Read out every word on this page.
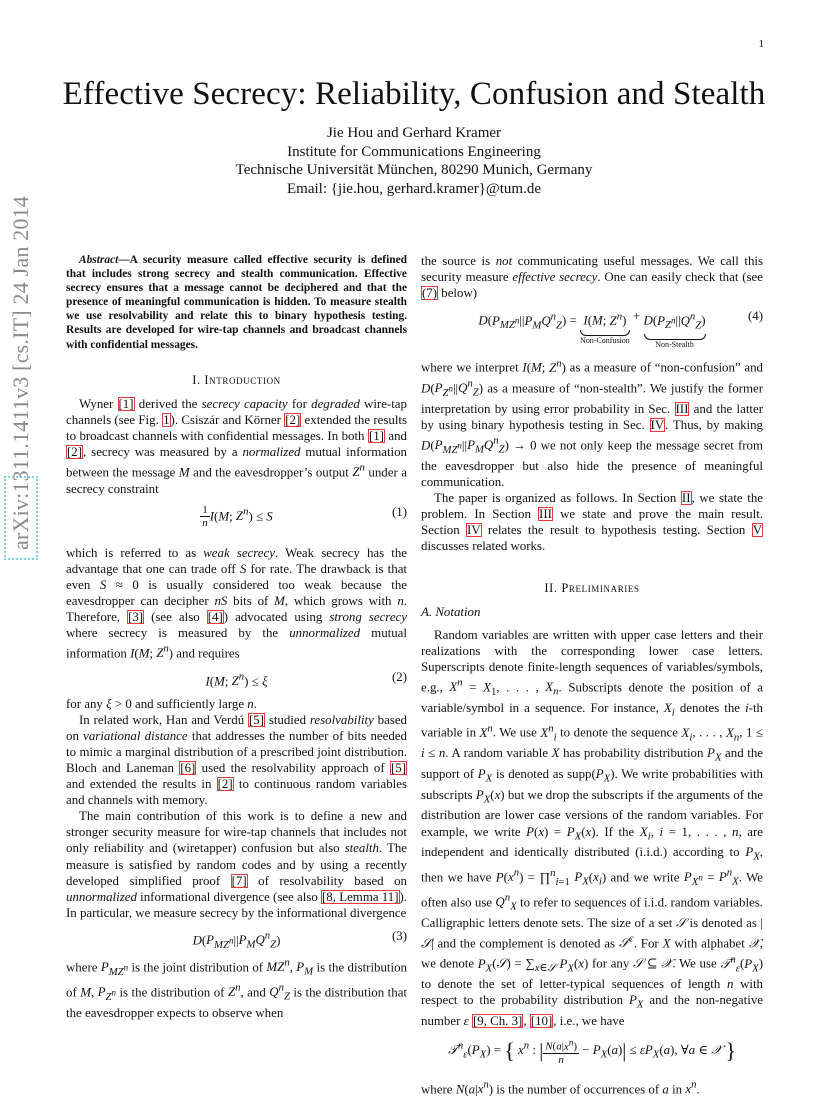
1
arXiv:1311.1411v3 [cs.IT] 24 Jan 2014
Effective Secrecy: Reliability, Confusion and Stealth
Jie Hou and Gerhard Kramer
Institute for Communications Engineering
Technische Universität München, 80290 Munich, Germany
Email: {jie.hou, gerhard.kramer}@tum.de

Abstract—A security measure called effective security is defined that includes strong secrecy and stealth communication. Effective secrecy ensures that a message cannot be deciphered and that the presence of meaningful communication is hidden. To measure stealth we use resolvability and relate this to binary hypothesis testing. Results are developed for wire-tap channels and broadcast channels with confidential messages.

I. Introduction

Wyner [1] derived the secrecy capacity for degraded wire-tap channels (see Fig. 1). Csiszár and Körner [2] extended the results to broadcast channels with confidential messages. In both [1] and [2], secrecy was measured by a normalized mutual information between the message M and the eavesdropper’s output $Z^n$ under a secrecy constraint

$\frac{1}{n}I(M$; $Z^n) \le S$	(1)

which is referred to as weak secrecy. Weak secrecy has the advantage that one can trade off S for rate. The drawback is that even S ≈ 0 is usually considered too weak because the eavesdropper can decipher nS bits of M, which grows with n. Therefore, [3] (see also [4]) advocated using strong secrecy where secrecy is measured by the unnormalized mutual information I(M; $Z^n$) and requires

I(M; $Z^n) \le \xi$	(2)

for any ξ > 0 and sufficiently large n.

In related work, Han and Verdú [5] studied resolvability based on variational distance that addresses the number of bits needed to mimic a marginal distribution of a prescribed joint distribution. Bloch and Laneman [6] used the resolvability approach of [5] and extended the results in [2] to continuous random variables and channels with memory.

The main contribution of this work is to define a new and stronger security measure for wire-tap channels that includes not only reliability and (wiretapper) confusion but also stealth. The measure is satisfied by random codes and by using a recently developed simplified proof [7] of resolvability based on unnormalized informational divergence (see also [8, Lemma 11]). In particular, we measure secrecy by the informational divergence

$D(P_{MZ^n}||P_MQ^n_Z)$	(3)

where $P_{MZ^n}$ is the joint distribution of $MZ^n$, $P_M$ is the distribution of M, $P_{Z^n}$ is the distribution of $Z^n$, and $Q^n_Z$ is the distribution that the eavesdropper expects to observe when

the source is not communicating useful messages. We call this security measure effective secrecy. One can easily check that (see (7) below)

$D(P_{MZ^n}||P_MQ^n_Z) = I(M$; $Z^n$)
Non-Confusion
+ $D(P_{Z^n}||Q^n_Z)$
Non-Stealth
(4)

where we interpret I(M; $Z^n$) as a measure of “non-confusion” and $D(P_{Z^n}||Q^n_Z)$ as a measure of “non-stealth”. We justify the former interpretation by using error probability in Sec. III and the latter by using binary hypothesis testing in Sec. IV. Thus, by making $D(P_{MZ^n}||P_MQ^n_Z) \to 0$ we not only keep the message secret from the eavesdropper but also hide the presence of meaningful communication.

The paper is organized as follows. In Section II, we state the problem. In Section III we state and prove the main result. Section IV relates the result to hypothesis testing. Section V discusses related works.

II. Preliminaries
A. Notation

Random variables are written with upper case letters and their realizations with the corresponding lower case letters. Superscripts denote finite-length sequences of variables/symbols, e.g., $X^n = X_1$, . . . , $X_n$. Subscripts denote the position of a variable/symbol in a sequence. For instance, $X_i$ denotes the i-th variable in $X^n$. We use $X^n_i$ to denote the sequence $X_i$, . . . , $X_n$, 1 ≤ i ≤ n. A random variable X has probability distribution $P_X$ and the support of $P_X$ is denoted as $supp(P_X)$. We write probabilities with subscripts $P_X(x)$ but we drop the subscripts if the arguments of the distribution are lower case versions of the random variables. For example, we write $P(x) = P_X(x)$. If the $X_i$, i = 1, . . . , n, are independent and identically distributed (i.i.d.) according to $P_X$, then we have $P(x^n)$ = ∏$^n_{i=1}$ $P_X(x_i)$ and we write $P_{X^n} = P^n_X$. We often also use $Q^n_X$ to refer to sequences of i.i.d. random variables. Calligraphic letters denote sets. The size of a set 𝒮 is denoted as |𝒮| and the complement is denoted as 𝒮$^c$. For X with alphabet 𝒳, we denote $P_X(𝒮) = \sum_{x\in 𝒮}$ $P_X(x)$ for any 𝒮 ⊆ 𝒳. We use $𝒯^n_\varepsilon(P_X)$ to denote the set of letter-typical sequences of length n with respect to the probability distribution $P_X$ and the non-negative number ε [9, Ch. 3], [10], i.e., we have

$𝒯^n_\varepsilon(P_X)$ = { $x^n$ : | $\frac{N(a|x^n)}{n} - P_X(a)| \le \varepsilon P_X(a)$, ∀a ∈ 𝒳 }

where $N(a|x^n)$ is the number of occurrences of a in $x^n$.
